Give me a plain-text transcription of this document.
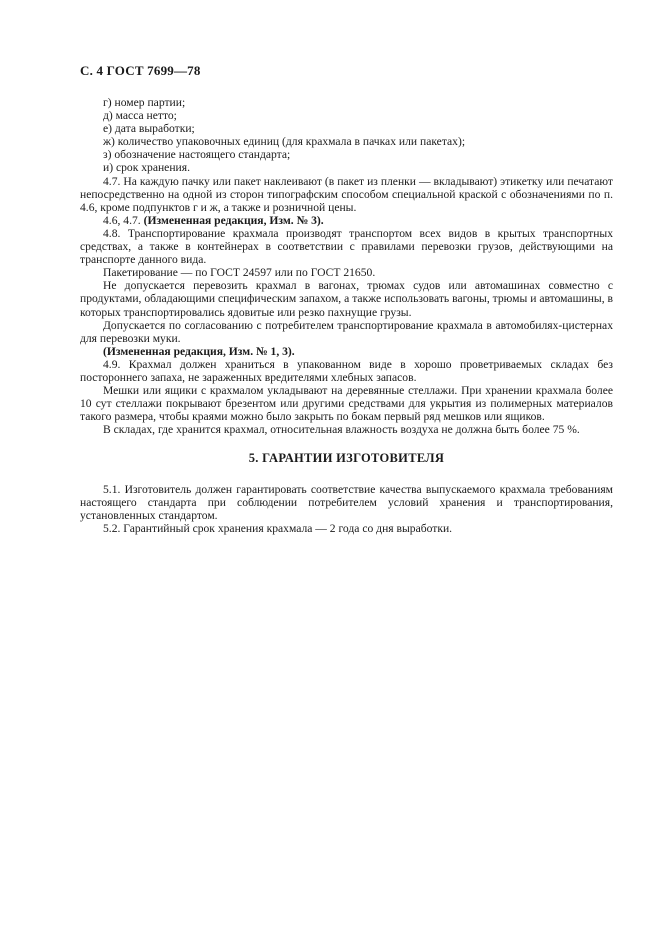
С. 4 ГОСТ 7699—78
г) номер партии;
д) масса нетто;
е) дата выработки;
ж) количество упаковочных единиц (для крахмала в пачках или пакетах);
з) обозначение настоящего стандарта;
и) срок хранения.
4.7. На каждую пачку или пакет наклеивают (в пакет из пленки — вкладывают) этикетку или печатают непосредственно на одной из сторон типографским способом специальной краской с обозначениями по п. 4.6, кроме подпунктов г и ж, а также и розничной цены.
4.6, 4.7. (Измененная редакция, Изм. № 3).
4.8. Транспортирование крахмала производят транспортом всех видов в крытых транспортных средствах, а также в контейнерах в соответствии с правилами перевозки грузов, действующими на транспорте данного вида.
Пакетирование — по ГОСТ 24597 или по ГОСТ 21650.
Не допускается перевозить крахмал в вагонах, трюмах судов или автомашинах совместно с продуктами, обладающими специфическим запахом, а также использовать вагоны, трюмы и автомашины, в которых транспортировались ядовитые или резко пахнущие грузы.
Допускается по согласованию с потребителем транспортирование крахмала в автомобилях-цистернах для перевозки муки.
(Измененная редакция, Изм. № 1, 3).
4.9. Крахмал должен храниться в упакованном виде в хорошо проветриваемых складах без постороннего запаха, не зараженных вредителями хлебных запасов.
Мешки или ящики с крахмалом укладывают на деревянные стеллажи. При хранении крахмала более 10 сут стеллажи покрывают брезентом или другими средствами для укрытия из полимерных материалов такого размера, чтобы краями можно было закрыть по бокам первый ряд мешков или ящиков.
В складах, где хранится крахмал, относительная влажность воздуха не должна быть более 75 %.
5. ГАРАНТИИ ИЗГОТОВИТЕЛЯ
5.1. Изготовитель должен гарантировать соответствие качества выпускаемого крахмала требованиям настоящего стандарта при соблюдении потребителем условий хранения и транспортирования, установленных стандартом.
5.2. Гарантийный срок хранения крахмала — 2 года со дня выработки.
